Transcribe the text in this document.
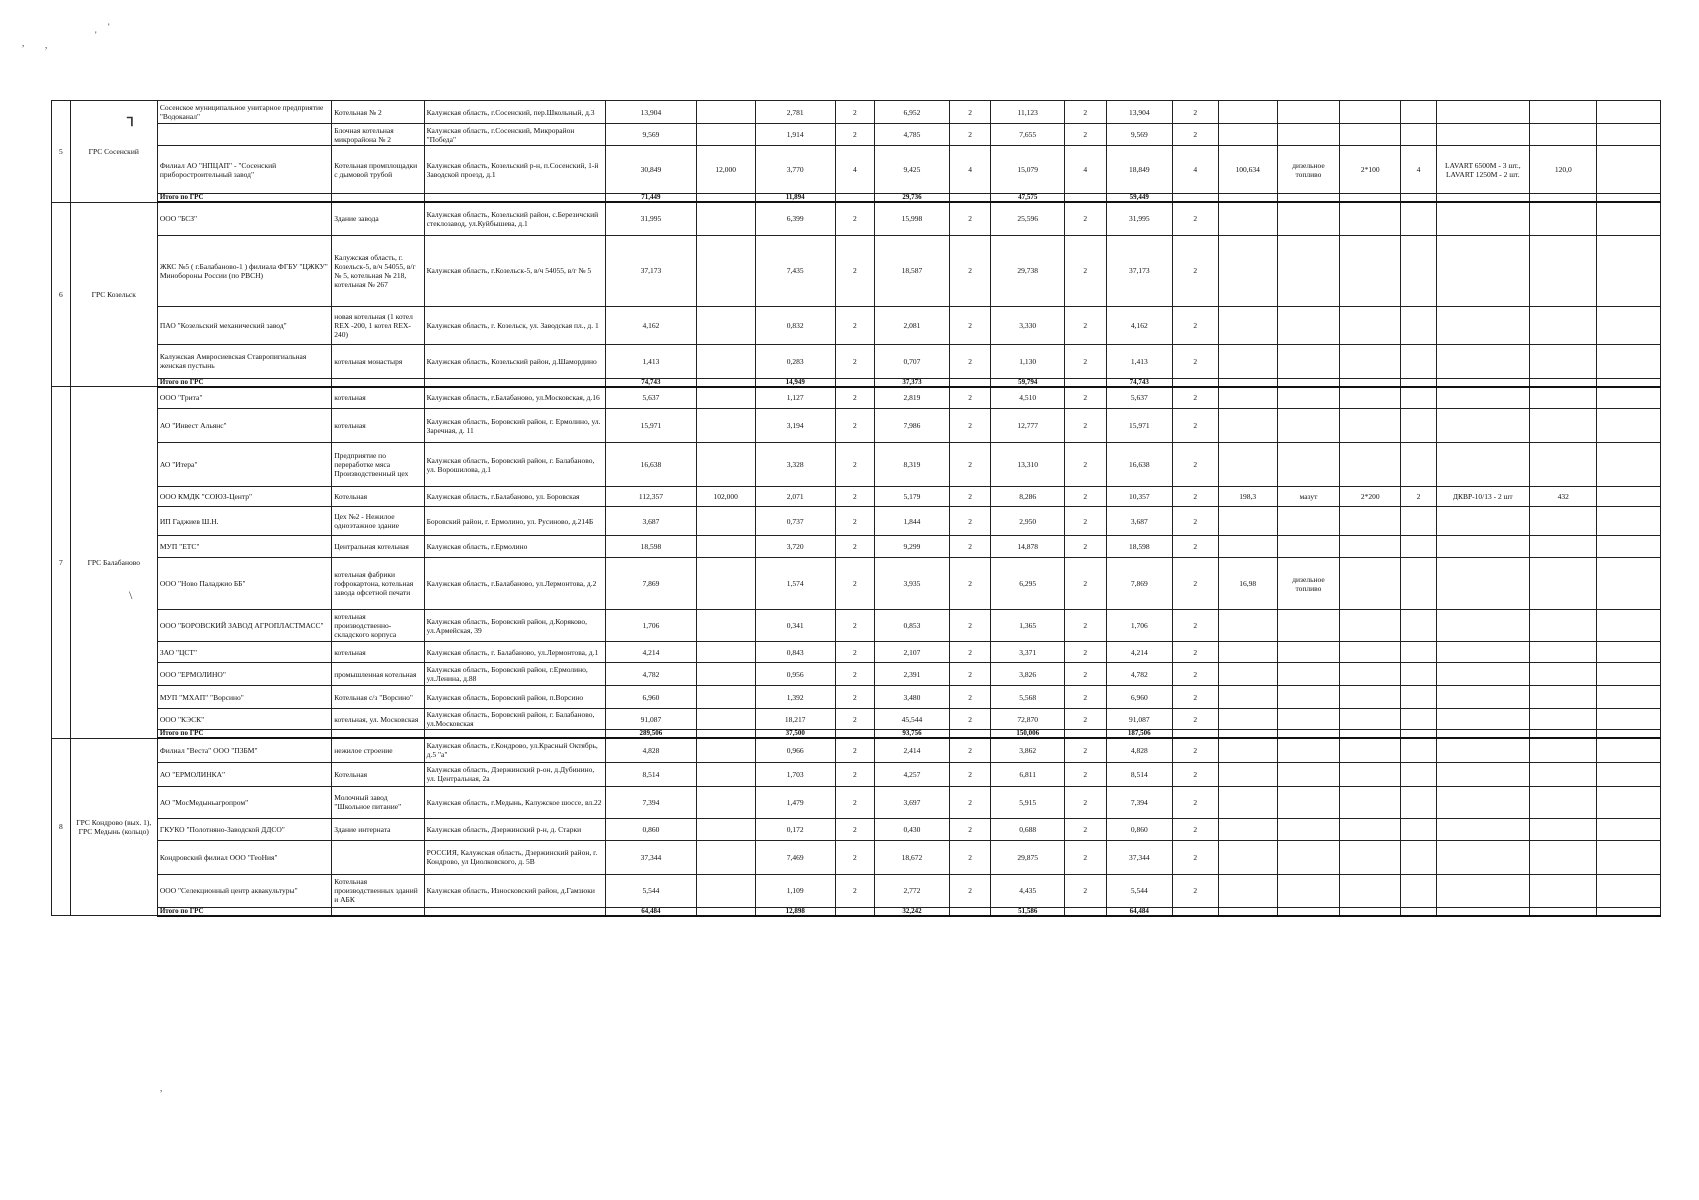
, ,
'
'
,
ꓶ
\
5	ГРС Сосенский	Сосенское муниципальное унитарное предприятие "Водоканал"	Котельная № 2	Калужская область, г.Сосенский, пер.Школьный, д.3	13,904		2,781	2	6,952	2	11,123	2	13,904	2							
			Блочная котельная микрорайона № 2	Калужская область, г.Сосенский, Микрорайон "Победа"	9,569		1,914	2	4,785	2	7,655	2	9,569	2							
		Филиал АО "НПЦАП" - "Сосенский приборостроительный завод"	Котельная промплощадки с дымовой трубой	Калужская область, Козельский р-н, п.Сосенский, 1-й Заводской проезд, д.1	30,849	12,000	3,770	4	9,425	4	15,079	4	18,849	4	100,634	дизельное топливо	2*100	4	LAVART 6500M - 3 шт., LAVART 1250M - 2 шт.	120,0	
		Итого по ГРС			71,449		11,894		29,736		47,575		59,449								
6	ГРС Козельск	ООО "БСЗ"	Здание завода	Калужская область, Козельский район, с.Березичский стеклозавод, ул.Куйбышева, д.1	31,995		6,399	2	15,998	2	25,596	2	31,995	2							
		ЖКС №5 ( г.Балабаново-1 ) филиала ФГБУ "ЦЖКУ" Минобороны России (по РВСН)	Калужская область, г. Козельск-5, в/ч 54055, в/г № 5, котельная № 218, котельная № 267	Калужская область, г.Козельск-5, в/ч 54055, в/г № 5	37,173		7,435	2	18,587	2	29,738	2	37,173	2							
		ПАО "Козельский механический завод"	новая котельная (1 котел REX -200, 1 котел REX-240)	Калужская область, г. Козельск, ул. Заводская пл., д. 1	4,162		0,832	2	2,081	2	3,330	2	4,162	2							
		Калужская Амвросиевская Ставропигиальная женская пустынь	котельная монастыря	Калужская область, Козельский район, д.Шамордино	1,413		0,283	2	0,707	2	1,130	2	1,413	2							
		Итого по ГРС			74,743		14,949		37,373		59,794		74,743								
7	ГРС Балабаново	ООО "Грита"	котельная	Калужская область, г.Балабаново, ул.Московская, д.16	5,637		1,127	2	2,819	2	4,510	2	5,637	2							
		АО "Инвест Альянс"	котельная	Калужская область, Боровский район, г. Ермолино, ул. Заречная, д. 11	15,971		3,194	2	7,986	2	12,777	2	15,971	2							
		АО "Итера"	Предприятие по переработке мяса Производственный цех	Калужская область, Боровский район, г. Балабаново, ул. Ворошилова, д.1	16,638		3,328	2	8,319	2	13,310	2	16,638	2							
		ООО КМДК "СОЮЗ-Центр"	Котельная	Калужская область, г.Балабаново, ул. Боровская	112,357	102,000	2,071	2	5,179	2	8,286	2	10,357	2	198,3	мазут	2*200	2	ДКВР-10/13 - 2 шт	432	
		ИП Гаджиев Ш.Н.	Цех №2 - Нежилое одноэтажное здание	Боровский район, г. Ермолино, ул. Русиново, д.214Б	3,687		0,737	2	1,844	2	2,950	2	3,687	2							
		МУП "ЕТС"	Центральная котельная	Калужская область, г.Ермолино	18,598		3,720	2	9,299	2	14,878	2	18,598	2							
		ООО "Ново Паладжио ББ"	котельная фабрики гофрокартона, котельная завода офсетной печати	Калужская область, г.Балабаново, ул.Лермонтова, д.2	7,869		1,574	2	3,935	2	6,295	2	7,869	2	16,98	дизельное топливо					
		ООО "БОРОВСКИЙ ЗАВОД АГРОПЛАСТМАСС"	котельная производственно-складского корпуса	Калужская область, Боровский район, д.Коряково, ул.Армейская, 39	1,706		0,341	2	0,853	2	1,365	2	1,706	2							
		ЗАО "ЦСТ"	котельная	Калужская область, г. Балабаново, ул.Лермонтова, д.1	4,214		0,843	2	2,107	2	3,371	2	4,214	2							
		ООО "ЕРМОЛИНО"	промышленная котельная	Калужская область, Боровский район, г.Ермолино, ул.Ленина, д.88	4,782		0,956	2	2,391	2	3,826	2	4,782	2							
		МУП "МХАП" "Ворсино"	Котельная с/з "Ворсино"	Калужская область, Боровский район, п.Ворсино	6,960		1,392	2	3,480	2	5,568	2	6,960	2							
		ООО "КЭСК"	котельная, ул. Московская	Калужская область, Боровский район, г. Балабаново, ул.Московская	91,087		18,217	2	45,544	2	72,870	2	91,087	2							
		Итого по ГРС			289,506		37,500		93,756		150,006		187,506								
8	ГРС Кондрово (вых. 1), ГРС Медынь (кольцо)	Филиал "Веста" ООО "ПЗБМ"	нежилое строение	Калужская область, г.Кондрово, ул.Красный Октябрь, д.5 "а"	4,828		0,966	2	2,414	2	3,862	2	4,828	2							
		АО "ЕРМОЛИНКА"	Котельная	Калужская область, Дзержинский р-он, д.Дубинино, ул. Центральная, 2а	8,514		1,703	2	4,257	2	6,811	2	8,514	2							
		АО "МосМедыньагропром"	Молочный завод "Школьное питание"	Калужская область, г.Медынь, Калужское шоссе, вл.22	7,394		1,479	2	3,697	2	5,915	2	7,394	2							
		ГКУКО "Полотняно-Заводской ДДСО"	Здание интерната	Калужская область, Дзержинский р-н, д. Старки	0,860		0,172	2	0,430	2	0,688	2	0,860	2							
		Кондровский филиал ООО "ГеоНия"		РОССИЯ, Калужская область, Дзержинский район, г. Кондрово, ул Циолковского, д. 5В	37,344		7,469	2	18,672	2	29,875	2	37,344	2							
		ООО "Селекционный центр аквакультуры"	Котельная производственных зданий и АБК	Калужская область, Износковский район, д.Гамзюки	5,544		1,109	2	2,772	2	4,435	2	5,544	2							
		Итого по ГРС			64,484		12,898		32,242		51,586		64,484								
